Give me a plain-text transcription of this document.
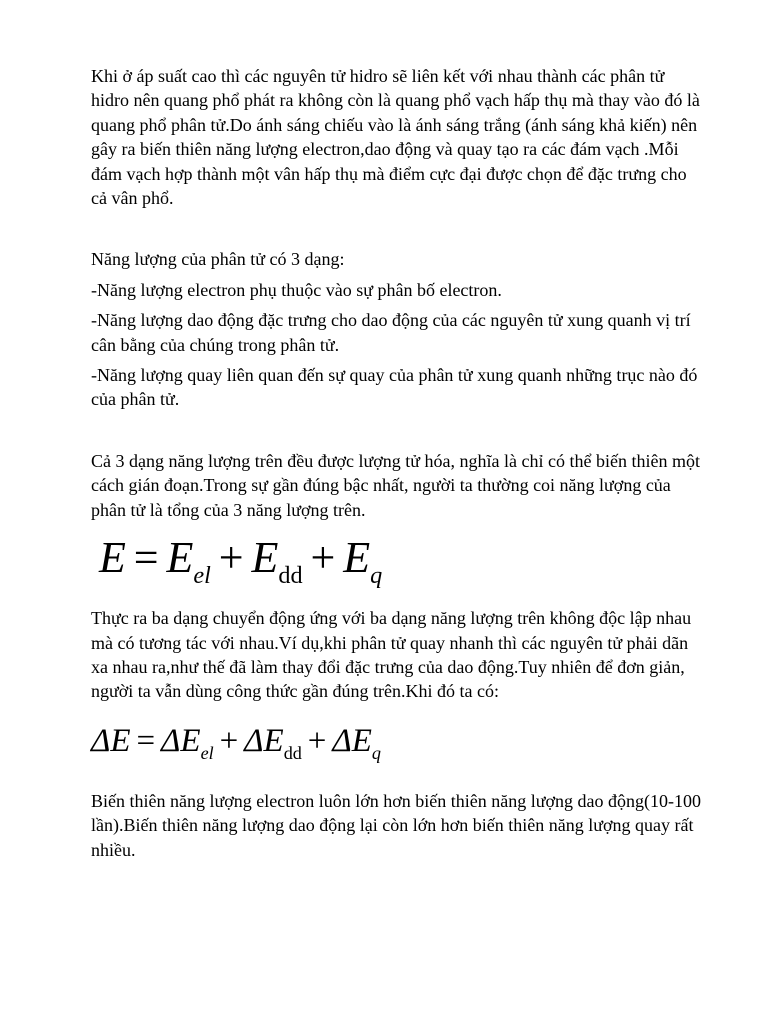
Khi ở áp suất cao thì các nguyên tử hidro sẽ liên kết với nhau thành các phân tử hidro nên quang phổ phát ra không còn là quang phổ vạch hấp thụ mà thay vào đó là quang phổ phân tử.Do ánh sáng chiếu vào là ánh sáng trắng (ánh sáng khả kiến) nên gây ra biến thiên năng lượng electron,dao động và quay tạo ra các đám vạch .Mỗi đám vạch hợp thành một vân hấp thụ mà điểm cực đại được chọn để đặc trưng cho cả vân phổ.

Năng lượng của phân tử có 3 dạng:

-Năng lượng electron phụ thuộc vào sự phân bố electron.

-Năng lượng dao động đặc trưng cho dao động của các nguyên tử xung quanh vị trí cân bằng của chúng trong phân tử.

-Năng lượng quay liên quan đến sự quay của phân tử xung quanh những trục nào đó của phân tử.

Cả 3 dạng năng lượng trên đều được lượng tử hóa, nghĩa là chỉ có thể biến thiên một cách gián đoạn.Trong sự gần đúng bậc nhất, người ta thường coi năng lượng của phân tử là tổng của 3 năng lượng trên.

$E = E_{el} + E_{dd} + E_q$

Thực ra ba dạng chuyển động ứng với ba dạng năng lượng trên không độc lập nhau mà có tương tác với nhau.Ví dụ,khi phân tử quay nhanh thì các nguyên tử phải dãn xa nhau ra,như thế đã làm thay đổi đặc trưng của dao động.Tuy nhiên để đơn giản, người ta vẫn dùng công thức gần đúng trên.Khi đó ta có:

$\Delta E = \Delta E_{el} + \Delta E_{dd} + \Delta E_q$

Biến thiên năng lượng electron luôn lớn hơn biến thiên năng lượng dao động(10-100 lần).Biến thiên năng lượng dao động lại còn lớn hơn biến thiên năng lượng quay rất nhiều.
